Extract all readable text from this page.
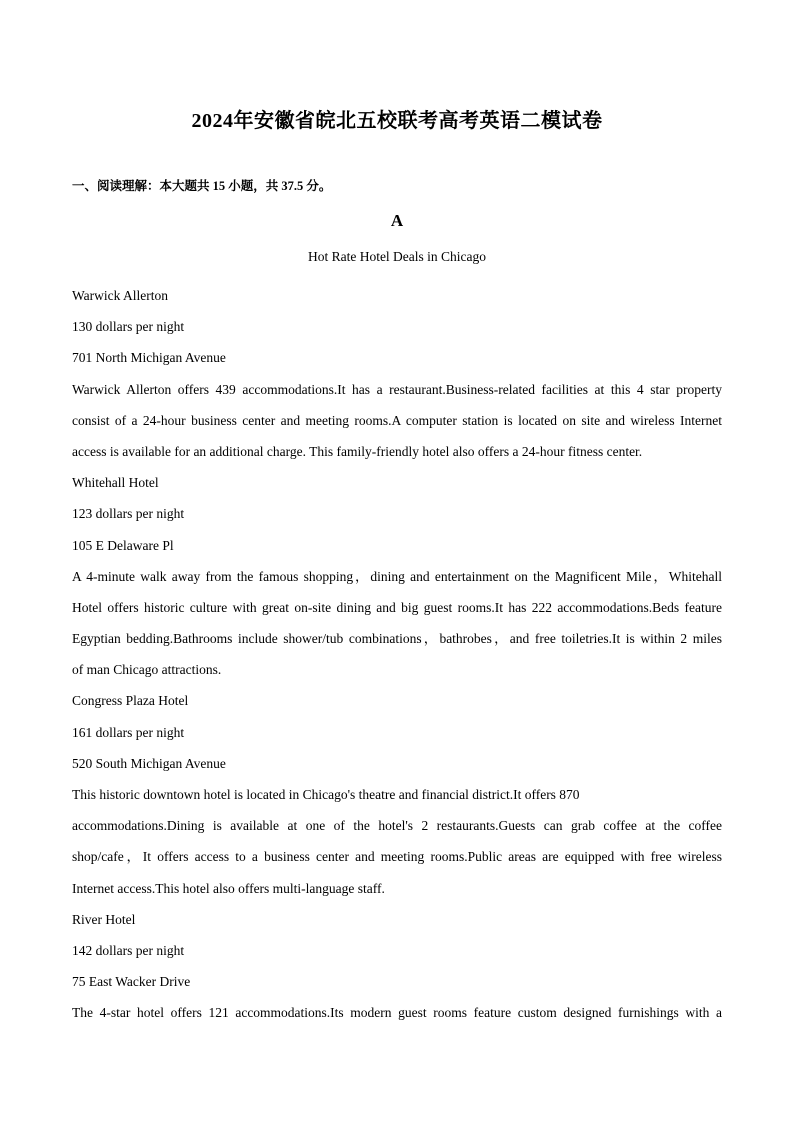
2024年安徽省皖北五校联考高考英语二模试卷
一、阅读理解：本大题共 15 小题，共 37.5 分。
A
Hot Rate Hotel Deals in Chicago
Warwick Allerton
130 dollars per night
701 North Michigan Avenue
Warwick Allerton offers 439 accommodations.It has a restaurant.Business-related facilities at this 4 star property
consist of a 24-hour business center and meeting rooms.A computer station is located on site and wireless Internet
access is available for an additional charge. This family-friendly hotel also offers a 24-hour fitness center.
Whitehall Hotel
123 dollars per night
105 E Delaware Pl
A 4-minute walk away from the famous shopping，dining and entertainment on the Magnificent Mile，Whitehall
Hotel offers historic culture with great on-site dining and big guest rooms.It has 222 accommodations.Beds feature
Egyptian bedding.Bathrooms include shower/tub combinations，bathrobes，and free toiletries.It is within 2 miles
of man Chicago attractions.
Congress Plaza Hotel
161 dollars per night
520 South Michigan Avenue
This historic downtown hotel is located in Chicago's theatre and financial district.It offers 870
accommodations.Dining is available at one of the hotel's 2 restaurants.Guests can grab coffee at the coffee
shop/cafe，It offers access to a business center and meeting rooms.Public areas are equipped with free wireless
Internet access.This hotel also offers multi-language staff.
River Hotel
142 dollars per night
75 East Wacker Drive
The 4-star hotel offers 121 accommodations.Its modern guest rooms feature custom designed furnishings with a
